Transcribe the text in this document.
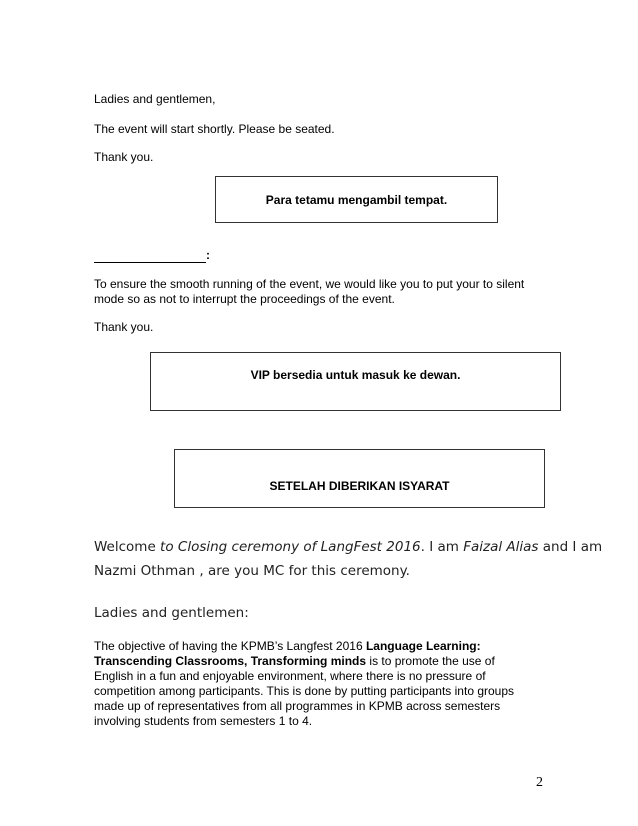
Ladies and gentlemen,

The event will start shortly. Please be seated.

Thank you.

Para tetamu mengambil tempat.

:

To ensure the smooth running of the event, we would like you to put your to silent

mode so as not to interrupt the proceedings of the event.

Thank you.

VIP bersedia untuk masuk ke dewan.
SETELAH DIBERIKAN ISYARAT

Welcome to Closing ceremony of LangFest 2016. I am Faizal Alias and I am

Nazmi Othman , are you MC for this ceremony.

Ladies and gentlemen:

The objective of having the KPMB’s Langfest 2016 Language Learning:

Transcending Classrooms, Transforming minds is to promote the use of

English in a fun and enjoyable environment, where there is no pressure of

competition among participants. This is done by putting participants into groups

made up of representatives from all programmes in KPMB across semesters

involving students from semesters 1 to 4.

2
